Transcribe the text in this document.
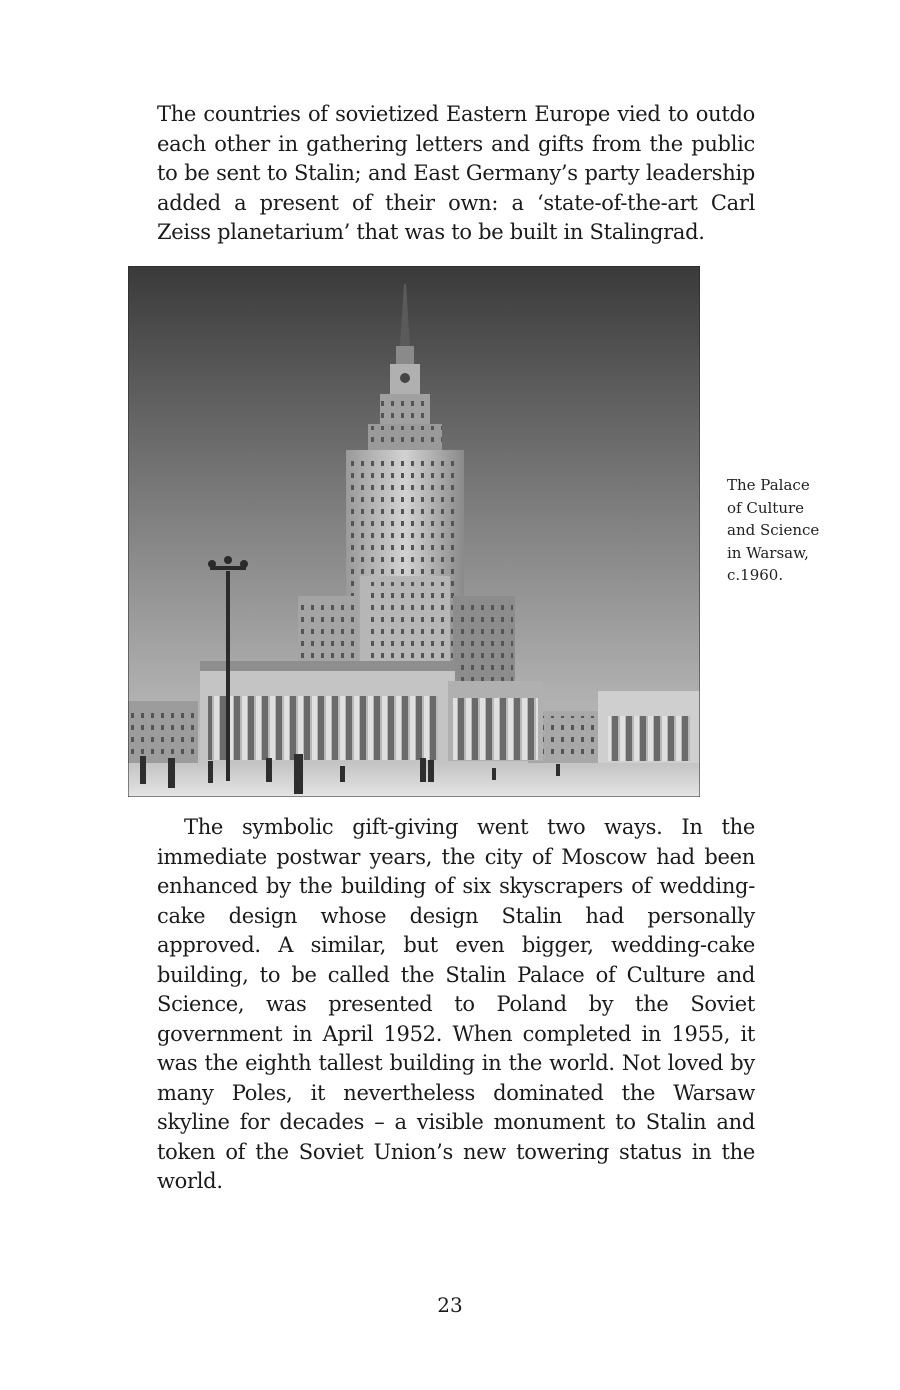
The countries of sovietized Eastern Europe vied to outdo each other in gathering letters and gifts from the public to be sent to Stalin; and East Germany’s party leadership added a present of their own: a ‘state-of-the-art Carl Zeiss planetarium’ that was to be built in Stalingrad.

The Palace
of Culture
and Science
in Warsaw,
c.1960.

The symbolic gift-giving went two ways. In the immediate postwar years, the city of Moscow had been enhanced by the building of six skyscrapers of wedding-cake design whose design Stalin had personally approved. A similar, but even bigger, wedding-cake building, to be called the Stalin Palace of Culture and Science, was presented to Poland by the Soviet government in April 1952. When completed in 1955, it was the eighth tallest building in the world. Not loved by many Poles, it nevertheless dominated the Warsaw skyline for decades – a visible monument to Stalin and token of the Soviet Union’s new towering status in the world.

23
